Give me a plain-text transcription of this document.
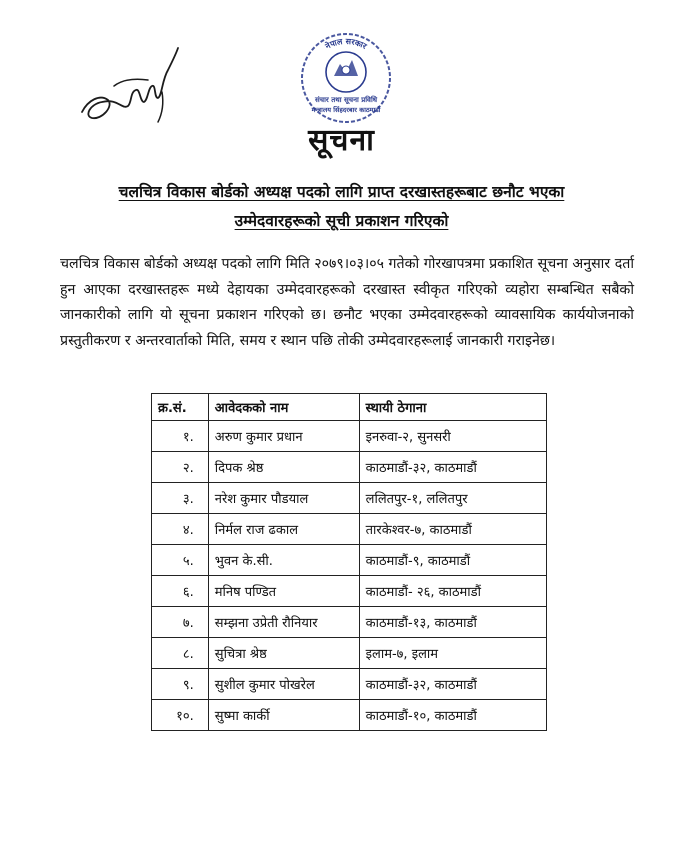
नेपाल सरकार
संचार तथा सूचना प्रविधि
मन्त्रालय सिंहदरबार काठमाडौं
सूचना
चलचित्र विकास बोर्डको अध्यक्ष पदको लागि प्राप्त दरखास्तहरूबाट छनौट भएका
उम्मेदवारहरूको सूची प्रकाशन गरिएको
चलचित्र विकास बोर्डको अध्यक्ष पदको लागि मिति २०७९।०३।०५ गतेको गोरखापत्रमा प्रकाशित सूचना अनुसार दर्ता हुन आएका दरखास्तहरू मध्ये देहायका उम्मेदवारहरूको दरखास्त स्वीकृत गरिएको व्यहोरा सम्बन्धित सबैको जानकारीको लागि यो सूचना प्रकाशन गरिएको छ। छनौट भएका उम्मेदवारहरूको व्यावसायिक कार्ययोजनाको प्रस्तुतीकरण र अन्तरवार्ताको मिति, समय र स्थान पछि तोकी उम्मेदवारहरूलाई जानकारी गराइनेछ।
क्र.सं.	आवेदकको नाम	स्थायी ठेगाना
१.	अरुण कुमार प्रधान	इनरुवा-२, सुनसरी
२.	दिपक श्रेष्ठ	काठमाडौं-३२, काठमाडौं
३.	नरेश कुमार पौडयाल	ललितपुर-१, ललितपुर
४.	निर्मल राज ढकाल	तारकेश्वर-७, काठमाडौं
५.	भुवन के.सी.	काठमाडौं-९, काठमाडौं
६.	मनिष पण्डित	काठमाडौं- २६, काठमाडौं
७.	सम्झना उप्रेती रौनियार	काठमाडौं-१३, काठमाडौं
८.	सुचित्रा श्रेष्ठ	इलाम-७, इलाम
९.	सुशील कुमार पोखरेल	काठमाडौं-३२, काठमाडौं
१०.	सुष्मा कार्की	काठमाडौं-१०, काठमाडौं
